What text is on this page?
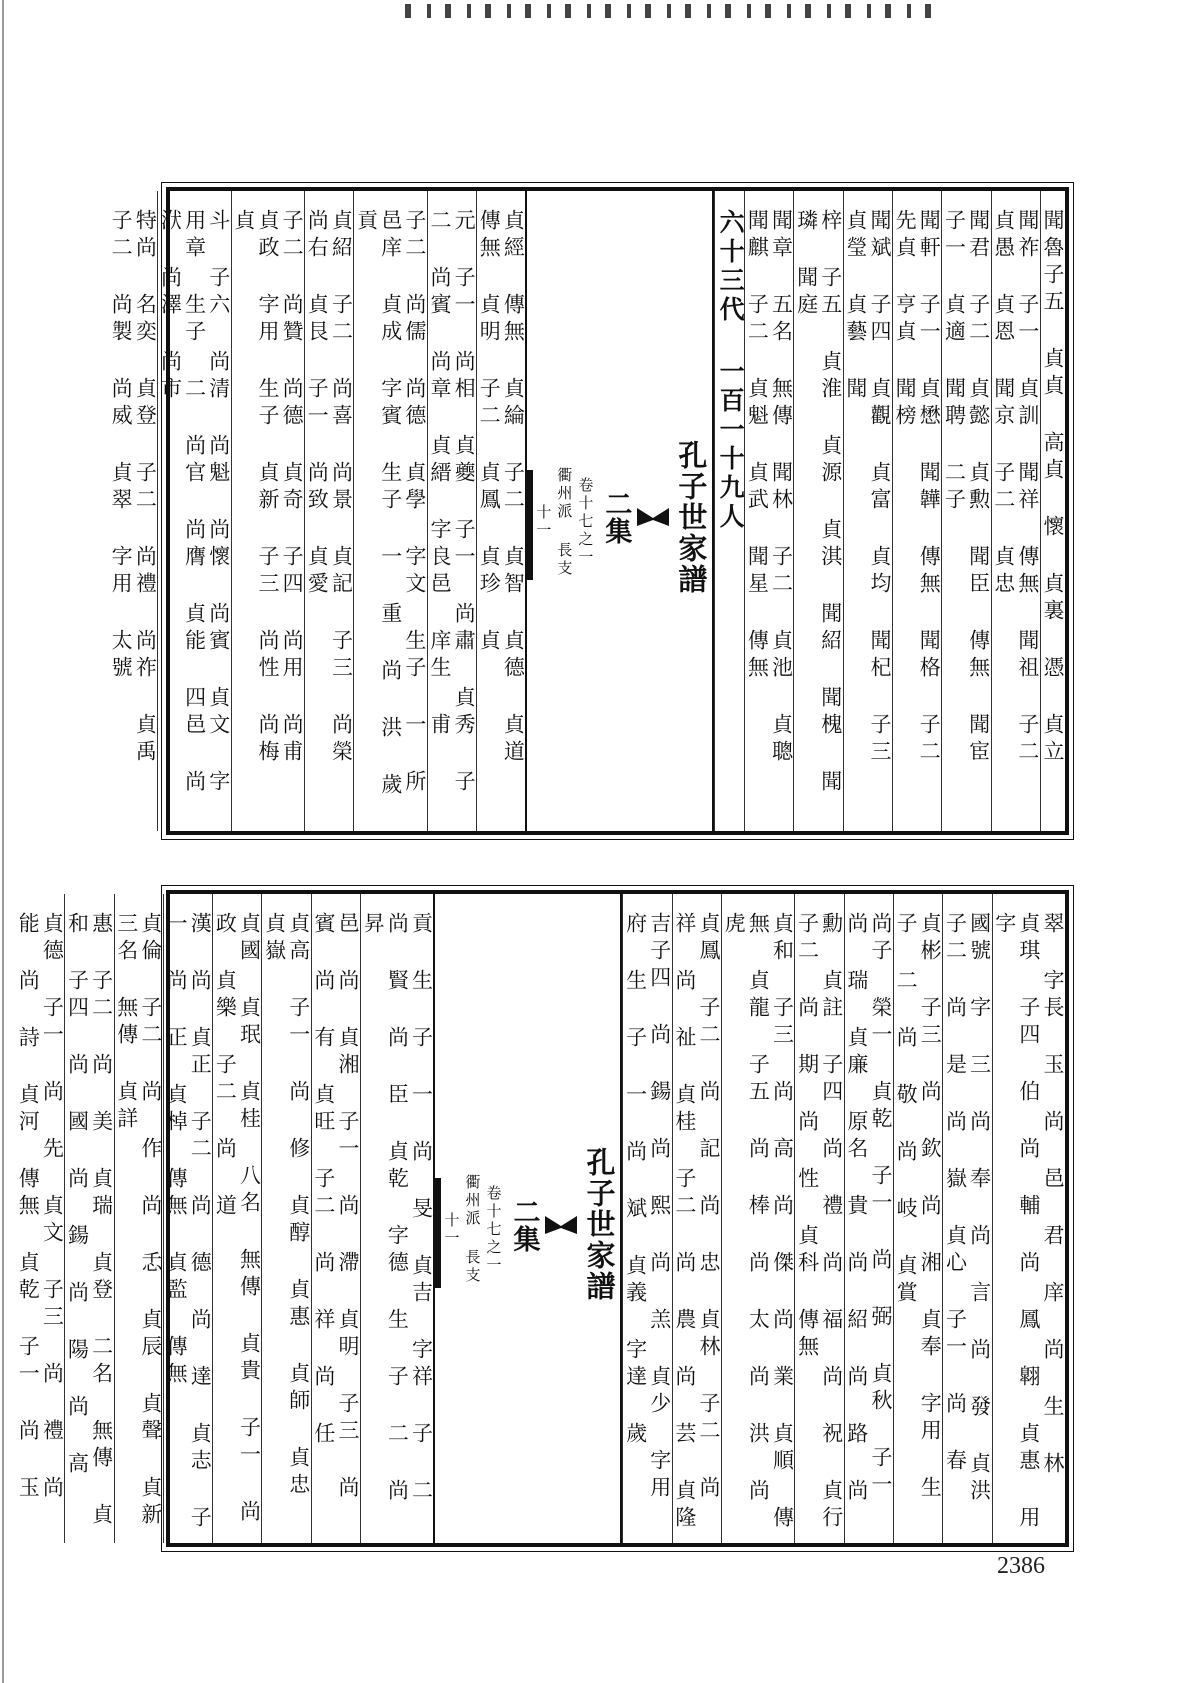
聞魯子五 貞貞 高貞 懷 貞裏 憑 貞立
聞祚 子一 貞訓 聞祥 傳無 聞祖 子二 貞愚 貞恩 聞京 子二 貞忠
聞君 子二 貞懿 貞勲 聞臣 傳無 聞宦 子一 貞適 聞聘 二子
聞軒 子一 貞懋 聞韡 傳無 聞格 子二 先貞 亨貞 聞榜
聞斌 子四 貞觀 貞富 貞均 聞杞 子三 貞瑩 貞藝 聞
梓 子五 貞淮 貞源 貞淇 聞紹 聞槐 聞璘 聞庭
聞章 五名 無傳 聞林 子二 貞池 貞聰 聞麒 子二 貞魁 貞武 聞星 傳無
六十三代 一百一十九人
孔子世家譜
二集
卷十七之一
衢州派 長支
十一
貞經 傳無 貞綸 子二 貞智 貞德 貞道 傳無 貞明 子二 貞鳳 貞珍 貞
元 子一 尚相 貞夔 子一 尚肅 貞秀 子二 尚賓 尚章 貞縉 字良邑 庠生 甫
子二 尚儒 尚德 貞學 字文 生子 一 所 邑庠 貞成 字賓 生子 一 重 尚 洪 歲 貢
貞紹 子二 尚喜 尚景 貞記 子三 尚榮 尚右 貞艮 子一 尚致 貞愛
子二 尚贊 尚德 貞奇 子四 尚用 尚甫 貞政 字用 生子 貞新 子三 尚性 尚梅 貞
斗 子六 尚清 尚魁 尚懷 尚賓 貞文 字用章 生子 二 尚官 尚膺 貞能 四邑 尚洑 尚澤 尚市
特尚 名奕 貞登 子二 尚禮 尚祚 貞禹 子二 尚製 尚威 貞翠 字用 太號
翠 字長 玉 尚 邑 君 庠 尚 生 林 貞琪 子四 伯 尚 輔 尚 鳳 翺 貞惠 用字
國號 字 三 尚 奉 尚 言 尚 發 貞洪 子二 尚 是 尚 嶽 貞心 子一 尚 春
貞彬 子三 尚 欽 尚 湘 貞奉 字用 生 子 二 尚 敬 尚 岐 貞賞
尚子 榮一 貞乾 子一 尚 弼 貞秋 子一 尚 瑞 貞廉 原名 貴 尚 紹 尚 路 尚
勳 貞註 子四 尚 禮 尚 福 尚 祝 貞行 子二 尚 期 尚 性 貞科 傳無
貞和 子三 尚 高 尚 傑 尚 業 貞順 傳無 貞龍 子五 尚 棒 尚 太 尚 洪 尚 虎
貞鳳 子二 尚 記 尚 忠 貞林 子二 尚 祥 尚 祉 貞桂 子二 尚 農 尚 芸 貞隆
吉子四 尚 鍚 尚 熙 尚 羔 貞少 字用 府 生 子 一 尚 斌 貞義 字達 歲
孔子世家譜
二集
卷十七之一
衢州派 長支
十一
貢 生 子 一 尚 旻 貞吉 字祥 子 二 尚 賢 尚 臣 貞乾 字德 生 子 二 尚 昇
邑 尚 貞湘 子一 尚 滯 貞明 子三 尚 賓 尚 有 貞旺 子二 尚 祥 尚 任
貞高 子一 尚 修 貞醇 貞惠 貞師 貞忠 貞嶽
貞國 貞珉 貞桂 八名 無傳 貞貴 子一 尚 政 貞樂 子二 尚 道
漢 尚 貞正 子二 尚 德 尚 達 貞志 子一 尚 正 貞棹 傳無 貞監 傳無
貞倫 子二 尚 作 尚 忎 貞辰 貞聲 貞新 三名 無傳 貞詳
惠 子二 尚 美 貞瑞 貞登 二名 無傳 貞和 子四 尚 國 尚 鍚 尚 陽 尚 高
貞德 子一 尚 先 貞文 子三 尚 禮 尚 能 尚 詩 貞河 傳無 貞乾 子一 尚 玉
2386
